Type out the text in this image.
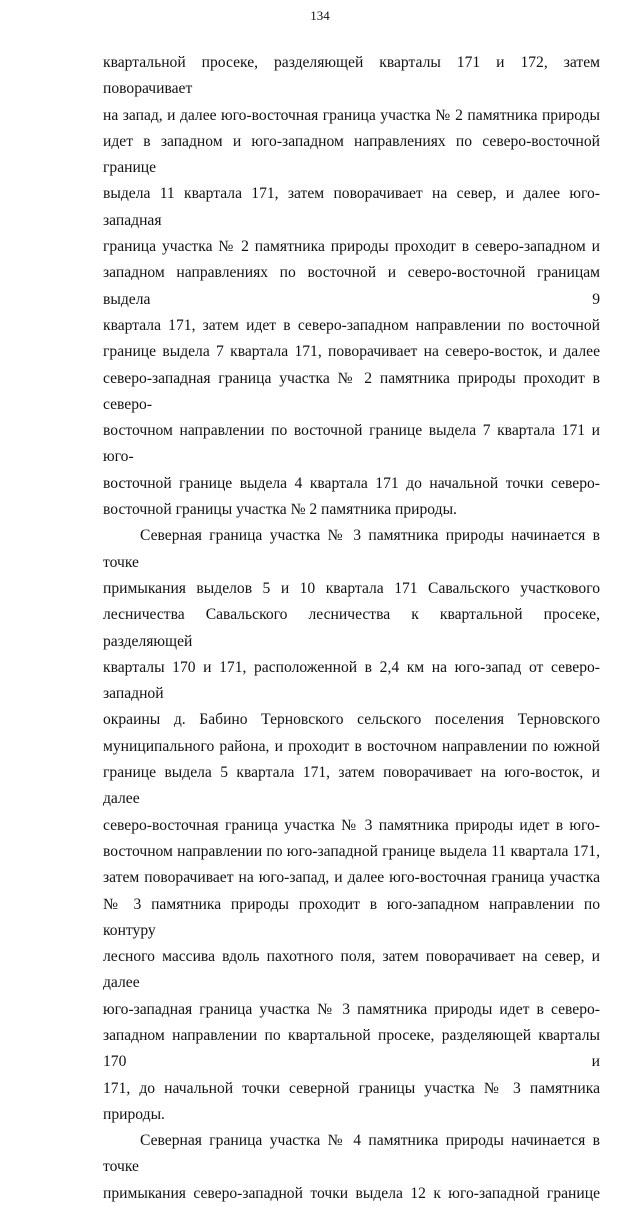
134
квартальной просеке, разделяющей кварталы 171 и 172, затем поворачивает
на запад, и далее юго-восточная граница участка № 2 памятника природы
идет в западном и юго-западном направлениях по северо-восточной границе
выдела 11 квартала 171, затем поворачивает на север, и далее юго-западная
граница участка № 2 памятника природы проходит в северо-западном и
западном направлениях по восточной и северо-восточной границам выдела 9
квартала 171, затем идет в северо-западном направлении по восточной
границе выдела 7 квартала 171, поворачивает на северо-восток, и далее
северо-западная граница участка № 2 памятника природы проходит в северо-
восточном направлении по восточной границе выдела 7 квартала 171 и юго-
восточной границе выдела 4 квартала 171 до начальной точки северо-
восточной границы участка № 2 памятника природы.
Северная граница участка № 3 памятника природы начинается в точке
примыкания выделов 5 и 10 квартала 171 Савальского участкового
лесничества Савальского лесничества к квартальной просеке, разделяющей
кварталы 170 и 171, расположенной в 2,4 км на юго-запад от северо-западной
окраины д. Бабино Терновского сельского поселения Терновского
муниципального района, и проходит в восточном направлении по южной
границе выдела 5 квартала 171, затем поворачивает на юго-восток, и далее
северо-восточная граница участка № 3 памятника природы идет в юго-
восточном направлении по юго-западной границе выдела 11 квартала 171,
затем поворачивает на юго-запад, и далее юго-восточная граница участка
№ 3 памятника природы проходит в юго-западном направлении по контуру
лесного массива вдоль пахотного поля, затем поворачивает на север, и далее
юго-западная граница участка № 3 памятника природы идет в северо-
западном направлении по квартальной просеке, разделяющей кварталы 170 и
171, до начальной точки северной границы участка № 3 памятника природы.
Северная граница участка № 4 памятника природы начинается в точке
примыкания северо-западной точки выдела 12 к юго-западной границе
